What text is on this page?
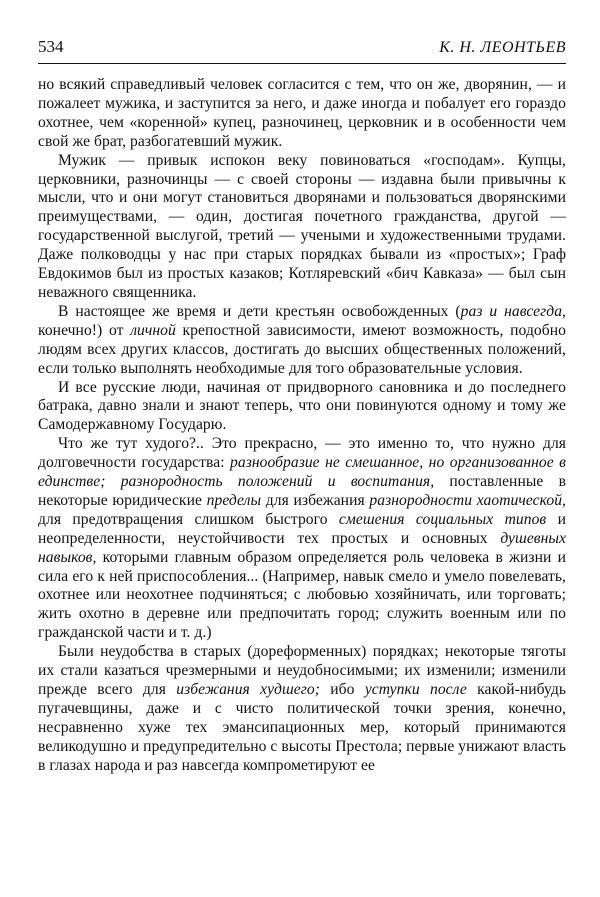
534	К. Н. ЛЕОНТЬЕВ

но всякий справедливый человек согласится с тем, что он же, дворянин, — и пожалеет мужика, и заступится за него, и даже иногда и побалует его гораздо охотнее, чем «коренной» купец, разночинец, церковник и в особенности чем свой же брат, разбогатевший мужик.

Мужик — привык испокон веку повиноваться «господам». Купцы, церковники, разночинцы — с своей стороны — издавна были привычны к мысли, что и они могут становиться дворянами и пользоваться дворянскими преимуществами, — один, достигая почетного гражданства, другой — государственной выслугой, третий — учеными и художественными трудами. Даже полководцы у нас при старых порядках бывали из «простых»; Граф Евдокимов был из простых казаков; Котляревский «бич Кавказа» — был сын неважного священника.

В настоящее же время и дети крестьян освобожденных (раз и навсегда, конечно!) от личной крепостной зависимости, имеют возможность, подобно людям всех других классов, достигать до высших общественных положений, если только выполнять необходимые для того образовательные условия.

И все русские люди, начиная от придворного сановника и до последнего батрака, давно знали и знают теперь, что они повинуются одному и тому же Самодержавному Государю.

Что же тут худого?.. Это прекрасно, — это именно то, что нужно для долговечности государства: разнообразие не смешанное, но организованное в единстве; разнородность положений и воспитания, поставленные в некоторые юридические пределы для избежания разнородности хаотической, для предотвращения слишком быстрого смешения социальных типов и неопределенности, неустойчивости тех простых и основных душевных навыков, которыми главным образом определяется роль человека в жизни и сила его к ней приспособления... (Например, навык смело и умело повелевать, охотнее или неохотнее подчиняться; с любовью хозяйничать, или торговать; жить охотно в деревне или предпочитать город; служить военным или по гражданской части и т. д.)

Были неудобства в старых (дореформенных) порядках; некоторые тяготы их стали казаться чрезмерными и неудобносимыми; их изменили; изменили прежде всего для избежания худшего; ибо уступки после какой-нибудь пугачевщины, даже и с чисто политической точки зрения, конечно, несравненно хуже тех эмансипационных мер, который принимаются великодушно и предупредительно с высоты Престола; первые унижают власть в глазах народа и раз навсегда компрометируют ее
